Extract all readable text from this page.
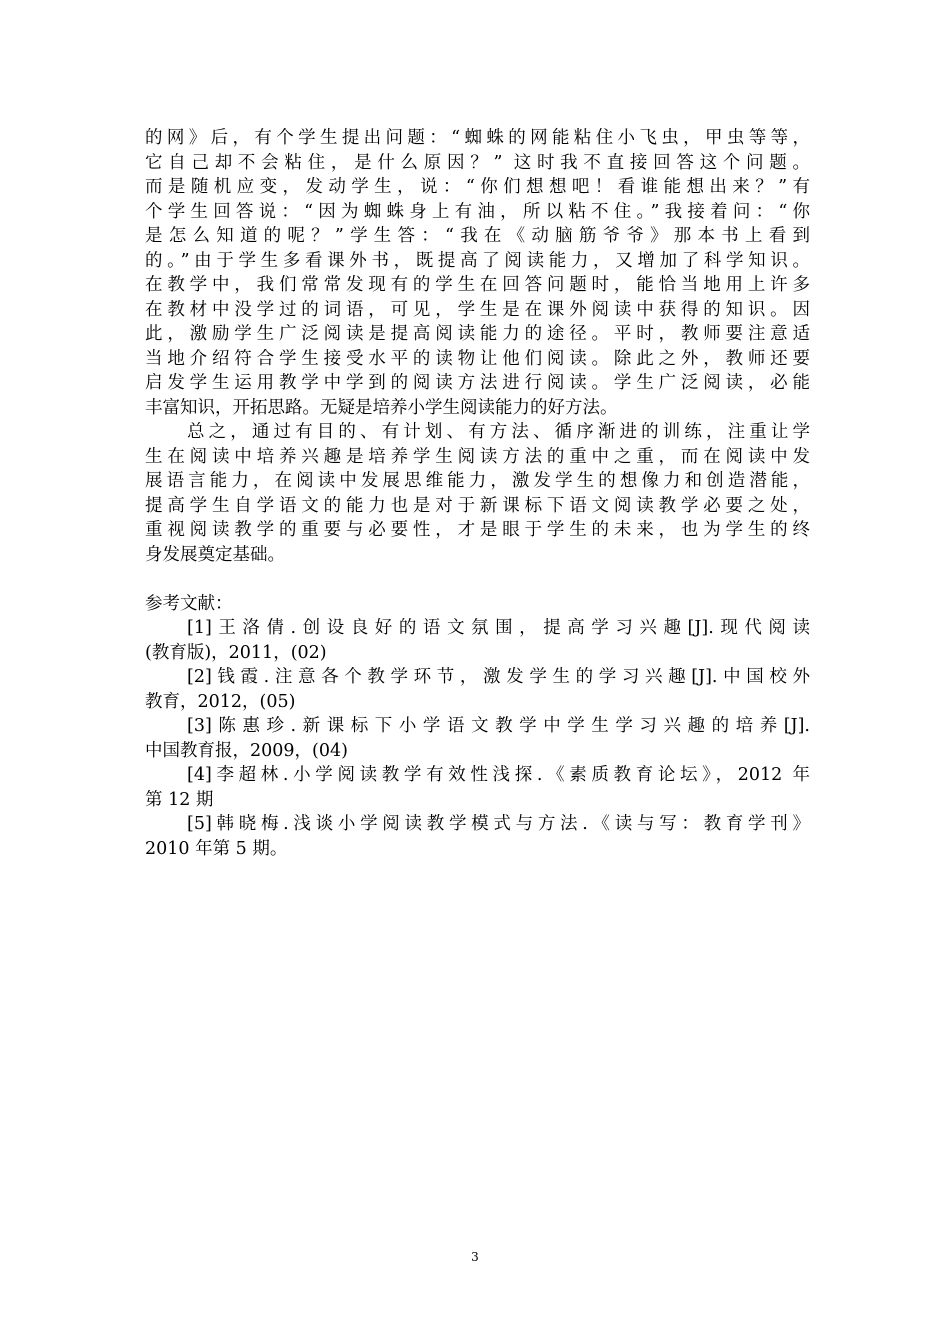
的网》后，有个学生提出问题：“蜘蛛的网能粘住小飞虫，甲虫等等，
它自己却不会粘住，是什么原因？” 这时我不直接回答这个问题。
而是随机应变，发动学生，说：“你们想想吧！看谁能想出来？”有
个学生回答说：“因为蜘蛛身上有油，所以粘不住。”我接着问：“你
是怎么知道的呢？”学生答：“我在《动脑筋爷爷》那本书上看到
的。”由于学生多看课外书，既提高了阅读能力，又增加了科学知识。
在教学中，我们常常发现有的学生在回答问题时，能恰当地用上许多
在教材中没学过的词语，可见，学生是在课外阅读中获得的知识。因
此，激励学生广泛阅读是提高阅读能力的途径。平时，教师要注意适
当地介绍符合学生接受水平的读物让他们阅读。除此之外，教师还要
启发学生运用教学中学到的阅读方法进行阅读。学生广泛阅读，必能
丰富知识，开拓思路。无疑是培养小学生阅读能力的好方法。
总之，通过有目的、有计划、有方法、循序渐进的训练，注重让学
生在阅读中培养兴趣是培养学生阅读方法的重中之重，而在阅读中发
展语言能力，在阅读中发展思维能力，激发学生的想像力和创造潜能，
提高学生自学语文的能力也是对于新课标下语文阅读教学必要之处，
重视阅读教学的重要与必要性，才是眼于学生的未来，也为学生的终
身发展奠定基础。
参考文献：
[1]王洛倩.创设良好的语文氛围，提高学习兴趣[J].现代阅读
(教育版)，2011，(02)
[2]钱霞.注意各个教学环节，激发学生的学习兴趣[J].中国校外
教育，2012，(05)
[3]陈惠珍.新课标下小学语文教学中学生学习兴趣的培养[J].
中国教育报，2009，(04)
[4]李超林.小学阅读教学有效性浅探.《素质教育论坛》，2012 年
第 12 期
[5]韩晓梅.浅谈小学阅读教学模式与方法.《读与写：教育学刊》
2010 年第 5 期。
3
